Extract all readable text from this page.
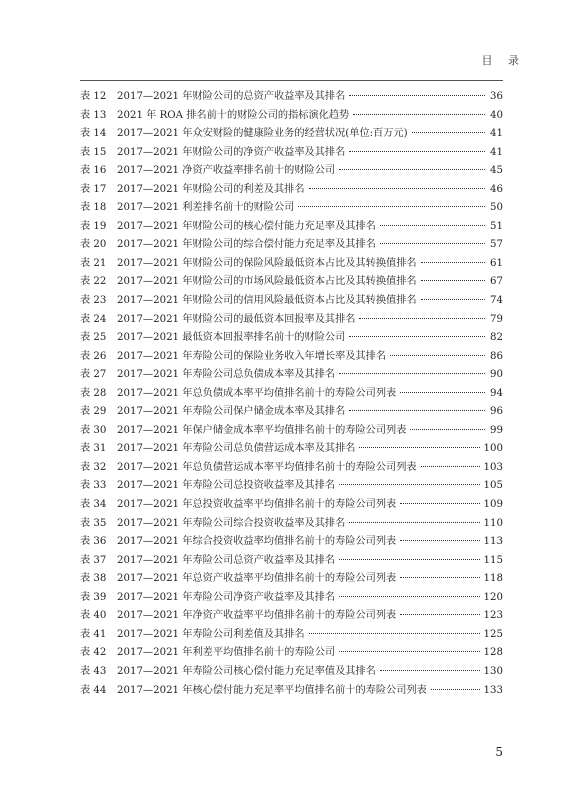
目 录
表 12	2017—2021 年财险公司的总资产收益率及其排名	36
表 13	2021 年 ROA 排名前十的财险公司的指标演化趋势	40
表 14	2017—2021 年众安财险的健康险业务的经营状况(单位:百万元)	41
表 15	2017—2021 年财险公司的净资产收益率及其排名	41
表 16	2017—2021 净资产收益率排名前十的财险公司	45
表 17	2017—2021 年财险公司的利差及其排名	46
表 18	2017—2021 利差排名前十的财险公司	50
表 19	2017—2021 年财险公司的核心偿付能力充足率及其排名	51
表 20	2017—2021 年财险公司的综合偿付能力充足率及其排名	57
表 21	2017—2021 年财险公司的保险风险最低资本占比及其转换值排名	61
表 22	2017—2021 年财险公司的市场风险最低资本占比及其转换值排名	67
表 23	2017—2021 年财险公司的信用风险最低资本占比及其转换值排名	74
表 24	2017—2021 年财险公司的最低资本回报率及其排名	79
表 25	2017—2021 最低资本回报率排名前十的财险公司	82
表 26	2017—2021 年寿险公司的保险业务收入年增长率及其排名	86
表 27	2017—2021 年寿险公司总负债成本率及其排名	90
表 28	2017—2021 年总负债成本率平均值排名前十的寿险公司列表	94
表 29	2017—2021 年寿险公司保户储金成本率及其排名	96
表 30	2017—2021 年保户储金成本率平均值排名前十的寿险公司列表	99
表 31	2017—2021 年寿险公司总负债营运成本率及其排名	100
表 32	2017—2021 年总负债营运成本率平均值排名前十的寿险公司列表	103
表 33	2017—2021 年寿险公司总投资收益率及其排名	105
表 34	2017—2021 年总投资收益率平均值排名前十的寿险公司列表	109
表 35	2017—2021 年寿险公司综合投资收益率及其排名	110
表 36	2017—2021 年综合投资收益率均值排名前十的寿险公司列表	113
表 37	2017—2021 年寿险公司总资产收益率及其排名	115
表 38	2017—2021 年总资产收益率平均值排名前十的寿险公司列表	118
表 39	2017—2021 年寿险公司净资产收益率及其排名	120
表 40	2017—2021 年净资产收益率平均值排名前十的寿险公司列表	123
表 41	2017—2021 年寿险公司利差值及其排名	125
表 42	2017—2021 年利差平均值排名前十的寿险公司	128
表 43	2017—2021 年寿险公司核心偿付能力充足率值及其排名	130
表 44	2017—2021 年核心偿付能力充足率平均值排名前十的寿险公司列表	133
5
